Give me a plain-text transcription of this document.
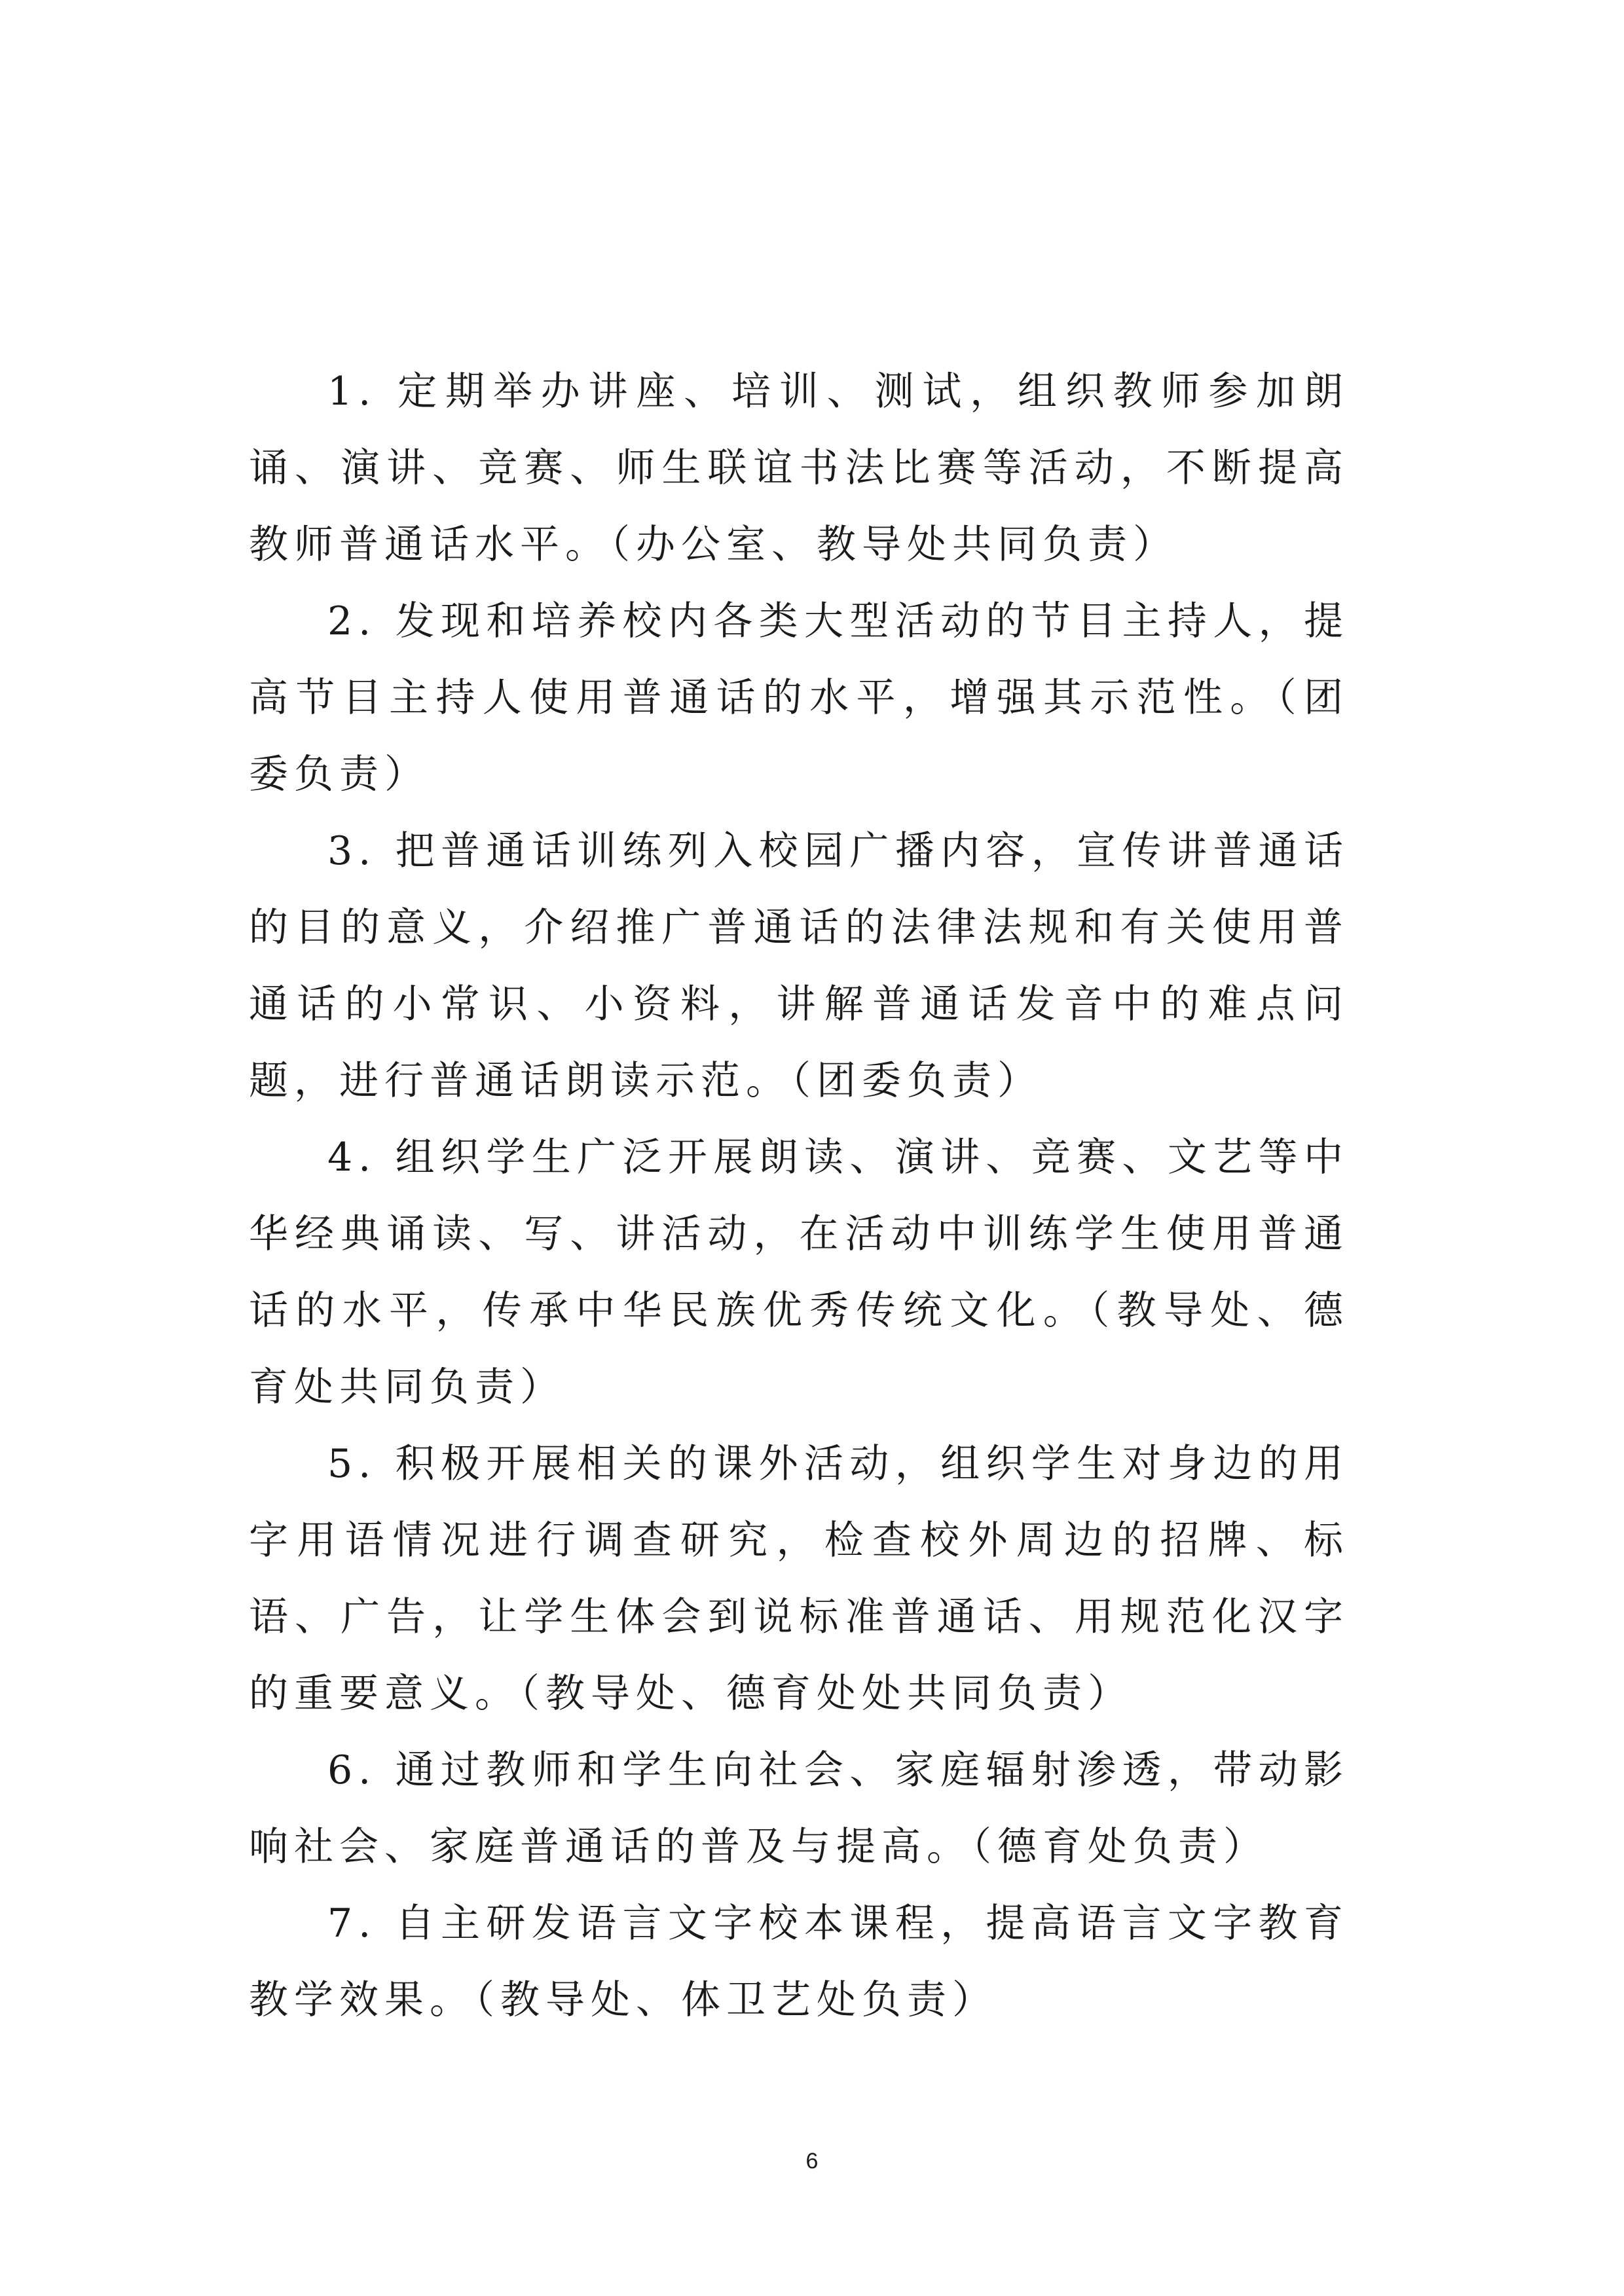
1. 定期举办讲座、培训、测试，组织教师参加朗诵、演讲、竞赛、师生联谊书法比赛等活动，不断提高教师普通话水平。（办公室、教导处共同负责）

2. 发现和培养校内各类大型活动的节目主持人，提高节目主持人使用普通话的水平，增强其示范性。（团委负责）

3. 把普通话训练列入校园广播内容，宣传讲普通话的目的意义，介绍推广普通话的法律法规和有关使用普通话的小常识、小资料，讲解普通话发音中的难点问题，进行普通话朗读示范。（团委负责）

4. 组织学生广泛开展朗读、演讲、竞赛、文艺等中华经典诵读、写、讲活动，在活动中训练学生使用普通话的水平，传承中华民族优秀传统文化。（教导处、德育处共同负责）

5. 积极开展相关的课外活动，组织学生对身边的用字用语情况进行调查研究，检查校外周边的招牌、标语、广告，让学生体会到说标准普通话、用规范化汉字的重要意义。（教导处、德育处处共同负责）

6. 通过教师和学生向社会、家庭辐射渗透，带动影响社会、家庭普通话的普及与提高。（德育处负责）

7. 自主研发语言文字校本课程，提高语言文字教育教学效果。（教导处、体卫艺处负责）

6
